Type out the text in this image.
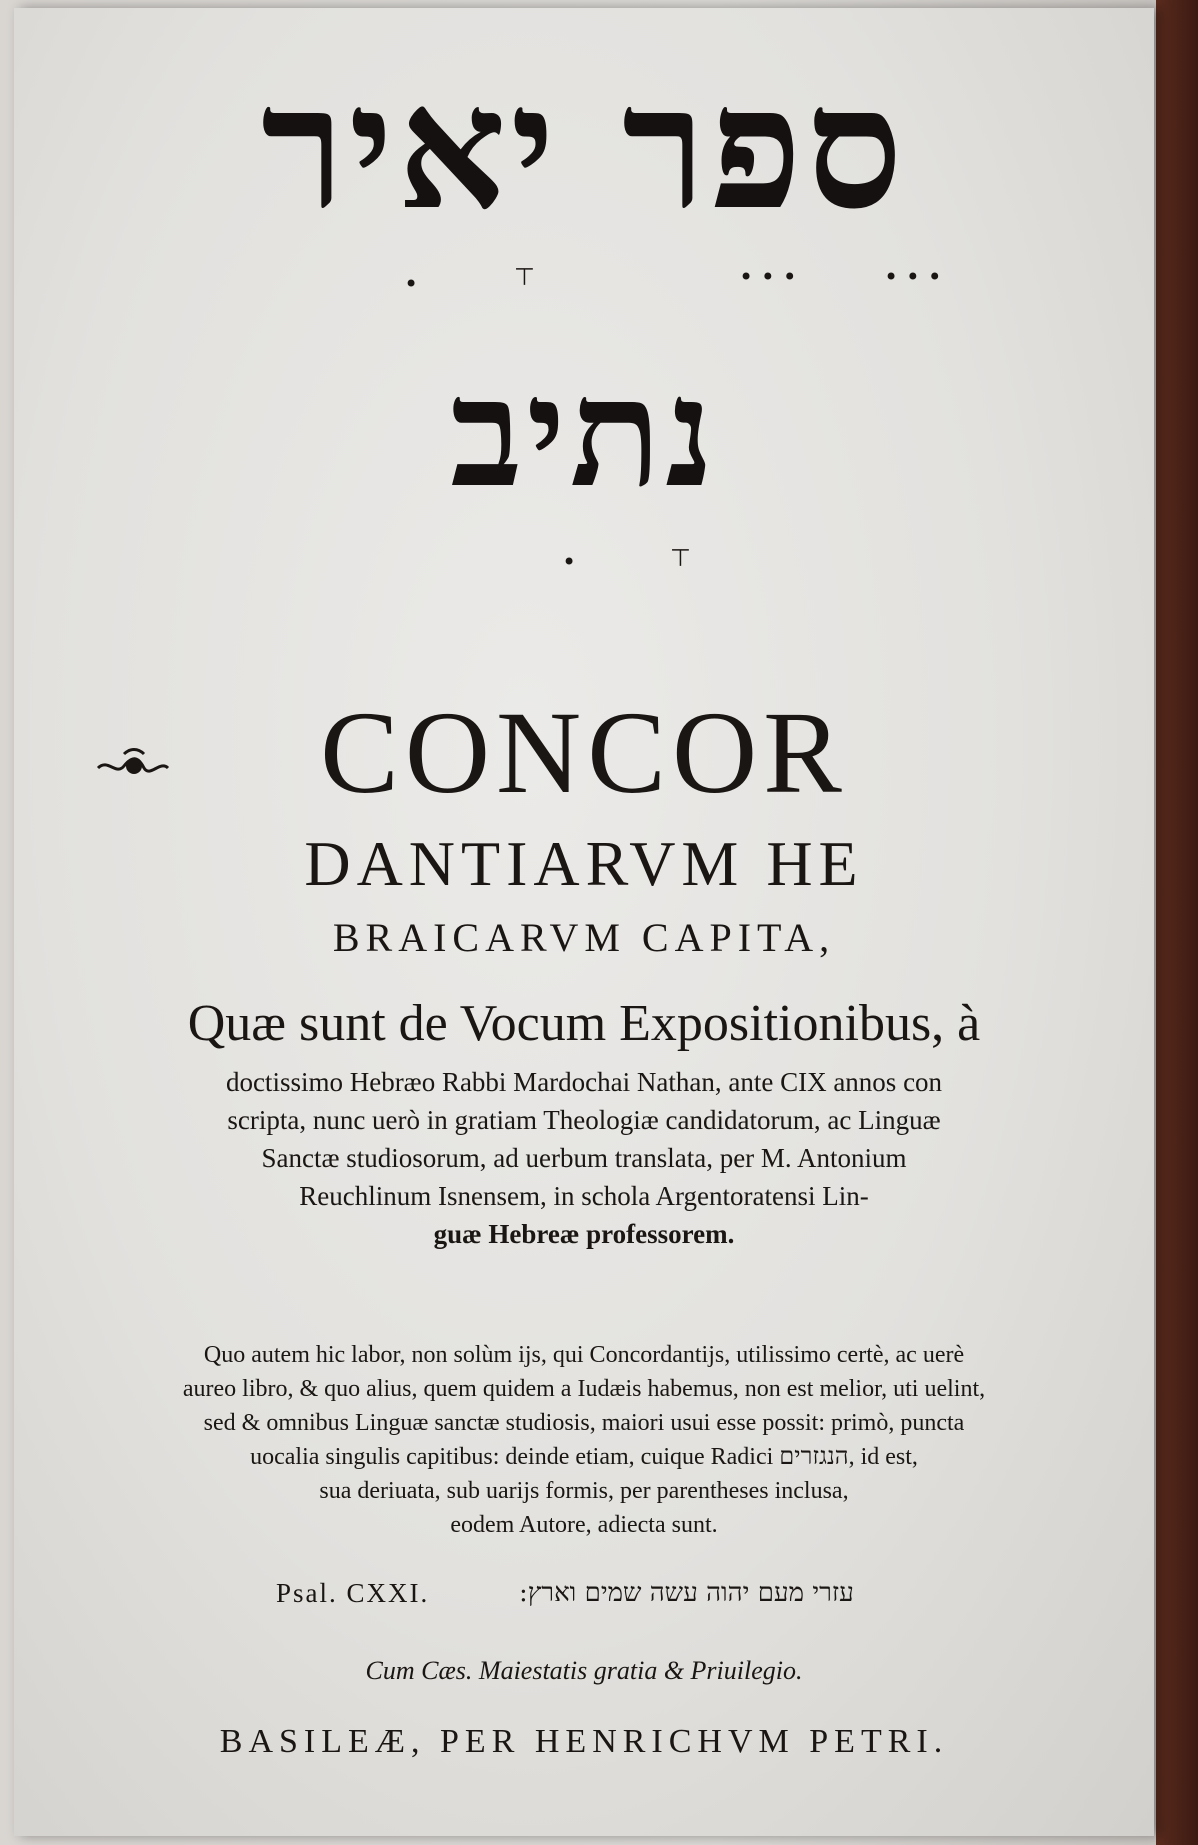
ספר יאיר
•	⊤	• • •	• • •
נתיב
•	⊤
CONCOR
DANTIARVM HE
BRAICARVM CAPITA,
Quæ sunt de Vocum Expositionibus, à
doctissimo Hebræo Rabbi Mardochai Nathan, ante CIX annos con
scripta, nunc uerò in gratiam Theologiæ candidatorum, ac Linguæ
Sanctæ studiosorum, ad uerbum translata, per M. Antonium
Reuchlinum Isnensem, in schola Argentoratensi Lin-
guæ Hebreæ professorem.
Quo autem hic labor, non solùm ijs, qui Concordantijs, utilissimo certè, ac uerè
aureo libro, & quo alius, quem quidem a Iudæis habemus, non est melior, uti uelint,
sed & omnibus Linguæ sanctæ studiosis, maiori usui esse possit: primò, puncta
uocalia singulis capitibus: deinde etiam, cuique Radici הנגזרים, id est,
sua deriuata, sub uarijs formis, per parentheses inclusa,
eodem Autore, adiecta sunt.
Psal. CXXI.	עזרי מעם יהוה עשה שמים וארץ:
Cum Cæs. Maiestatis gratia & Priuilegio.
BASILEÆ, PER HENRICHVM PETRI.
